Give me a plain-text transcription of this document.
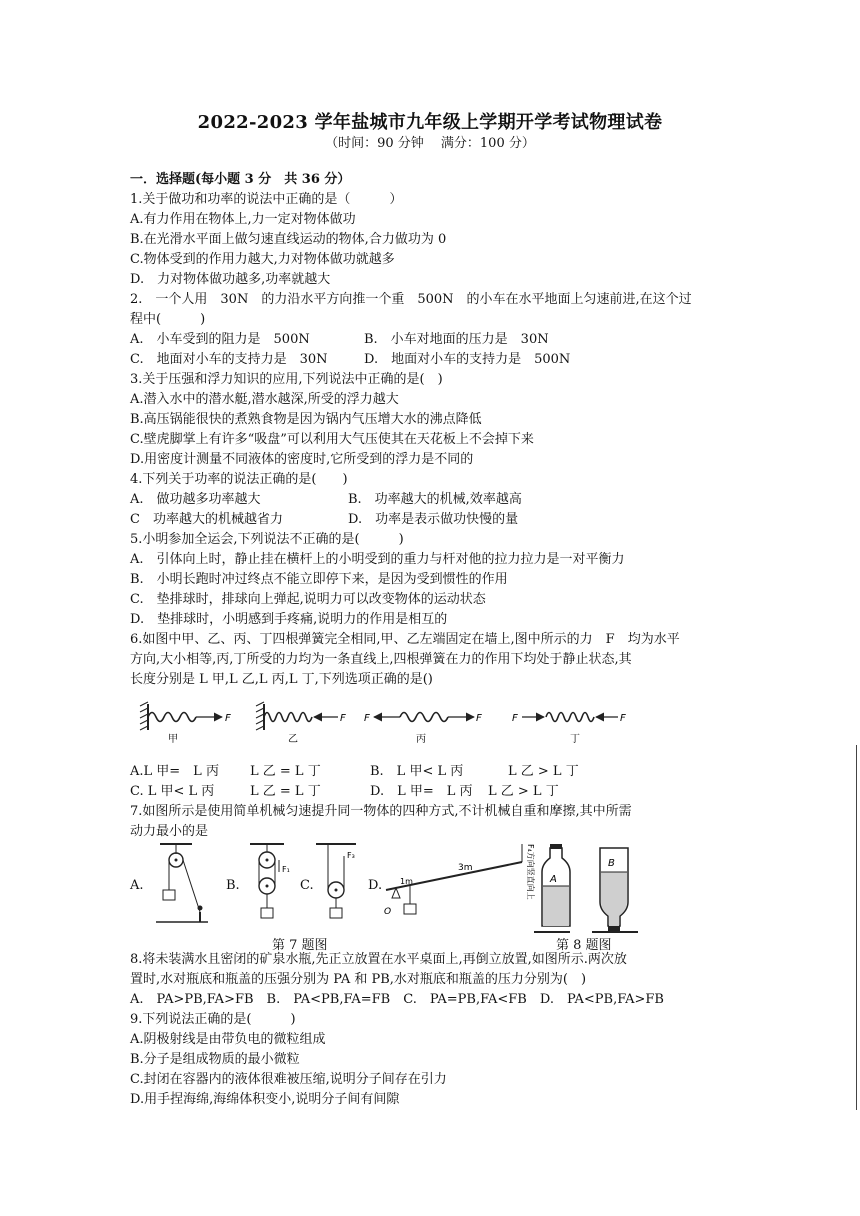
2022-2023 学年盐城市九年级上学期开学考试物理试卷
（时间：90 分钟　 满分：100 分）
一．选择题(每小题 3 分　共 36 分）
1.关于做功和功率的说法中正确的是（　　　）
A.有力作用在物体上,力一定对物体做功
B.在光滑水平面上做匀速直线运动的物体,合力做功为 0
C.物体受到的作用力越大,力对物体做功就越多
D.　力对物体做功越多,功率就越大
2.　一个人用　30N　的力沿水平方向推一个重　500N　的小车在水平地面上匀速前进,在这个过
程中(　　　)
A.　小车受到的阻力是　500N	B.　小车对地面的压力是　30N
C.　地面对小车的支持力是　30N	D.　地面对小车的支持力是　500N
3.关于压强和浮力知识的应用,下列说法中正确的是(　)
A.潜入水中的潜水艇,潜水越深,所受的浮力越大
B.高压锅能很快的煮熟食物是因为锅内气压增大水的沸点降低
C.壁虎脚掌上有许多“吸盘”可以利用大气压使其在天花板上不会掉下来
D.用密度计测量不同液体的密度时,它所受到的浮力是不同的
4.下列关于功率的说法正确的是(　　)
A.　做功越多功率越大	B.　功率越大的机械,效率越高
C　功率越大的机械越省力	D.　功率是表示做功快慢的量
5.小明参加全运会,下列说法不正确的是(　　　)
A.　引体向上时，静止挂在横杆上的小明受到的重力与杆对他的拉力拉力是一对平衡力
B.　小明长跑时冲过终点不能立即停下来，是因为受到惯性的作用
C.　垫排球时，排球向上弹起,说明力可以改变物体的运动状态
D.　垫排球时，小明感到手疼痛,说明力的作用是相互的
6.如图中甲、乙、丙、丁四根弹簧完全相同,甲、乙左端固定在墙上,图中所示的力　F　均为水平
方向,大小相等,丙,丁所受的力均为一条直线上,四根弹簧在力的作用下均处于静止状态,其
长度分别是 L 甲,L 乙,L 丙,L 丁,下列选项正确的是()
F
甲
F
乙
F	F
丙
F	F
丁
A.L 甲=　L 丙 L 乙 = L 丁	B.　L 甲< L 丙	L 乙 > L 丁
C. L 甲< L 丙	L 乙 = L 丁	D.　L 甲=　L 丙 L 乙 > L 丁
7.如图所示是使用简单机械匀速提升同一物体的四种方式,不计机械自重和摩擦,其中所需
动力最小的是
A.	B.	C.	D.
F₁
F₃
O
1m
3m	F₄方向竖直向上 A
B
第 7 题图	第 8 题图
8.将未装满水且密闭的矿泉水瓶,先正立放置在水平桌面上,再倒立放置,如图所示.两次放
置时,水对瓶底和瓶盖的压强分别为 PA 和 PB,水对瓶底和瓶盖的压力分别为(　)
A.　PA>PB,FA>FB　B.　PA<PB,FA=FB　C.　PA=PB,FA<FB　D.　PA<PB,FA>FB
9.下列说法正确的是(　　　)
A.阴极射线是由带负电的微粒组成
B.分子是组成物质的最小微粒
C.封闭在容器内的液体很难被压缩,说明分子间存在引力
D.用手捏海绵,海绵体积变小,说明分子间有间隙
